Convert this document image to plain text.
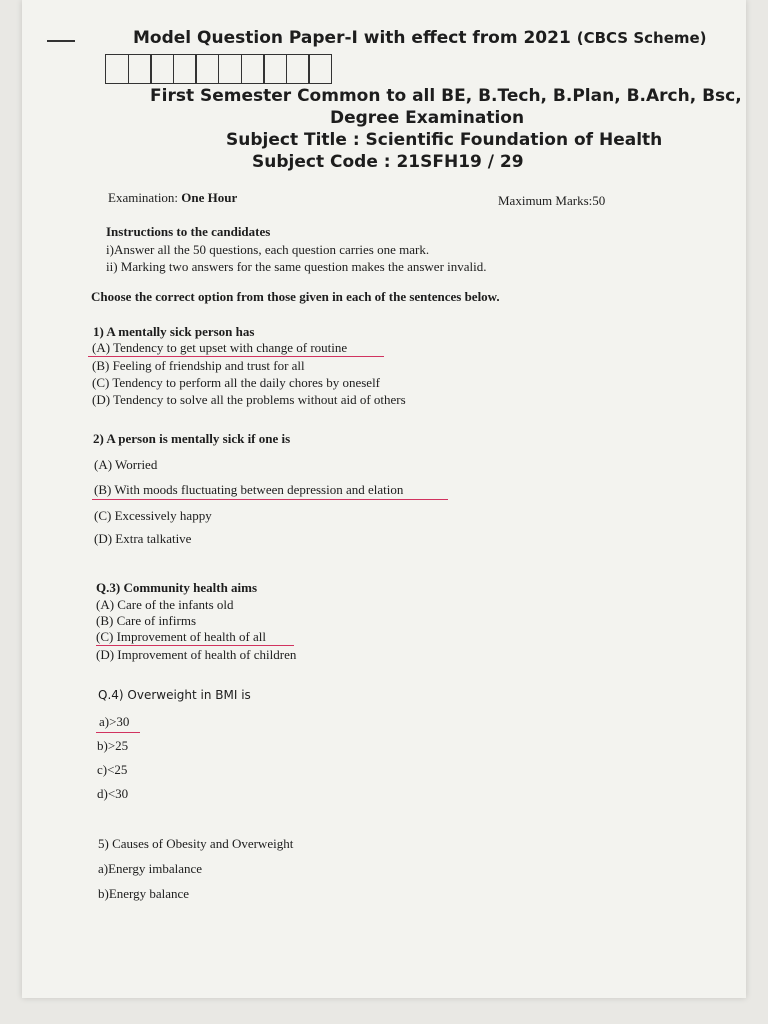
Model Question Paper-I with effect from 2021 (CBCS Scheme)
First Semester Common to all BE, B.Tech, B.Plan, B.Arch, Bsc,
Degree Examination
Subject Title : Scientific Foundation of Health
Subject Code : 21SFH19 / 29
Examination: One Hour	Maximum Marks:50
Instructions to the candidates
i)Answer all the 50 questions, each question carries one mark.
ii) Marking two answers for the same question makes the answer invalid.
Choose the correct option from those given in each of the sentences below.
1) A mentally sick person has
(A) Tendency to get upset with change of routine
(B) Feeling of friendship and trust for all
(C) Tendency to perform all the daily chores by oneself
(D) Tendency to solve all the problems without aid of others
2) A person is mentally sick if one is
(A) Worried
(B) With moods fluctuating between depression and elation
(C) Excessively happy
(D) Extra talkative
Q.3) Community health aims
(A) Care of the infants old
(B) Care of infirms
(C) Improvement of health of all
(D) Improvement of health of children
Q.4) Overweight in BMI is
a)>30
b)>25
c)<25
d)<30
5) Causes of Obesity and Overweight
a)Energy imbalance
b)Energy balance
